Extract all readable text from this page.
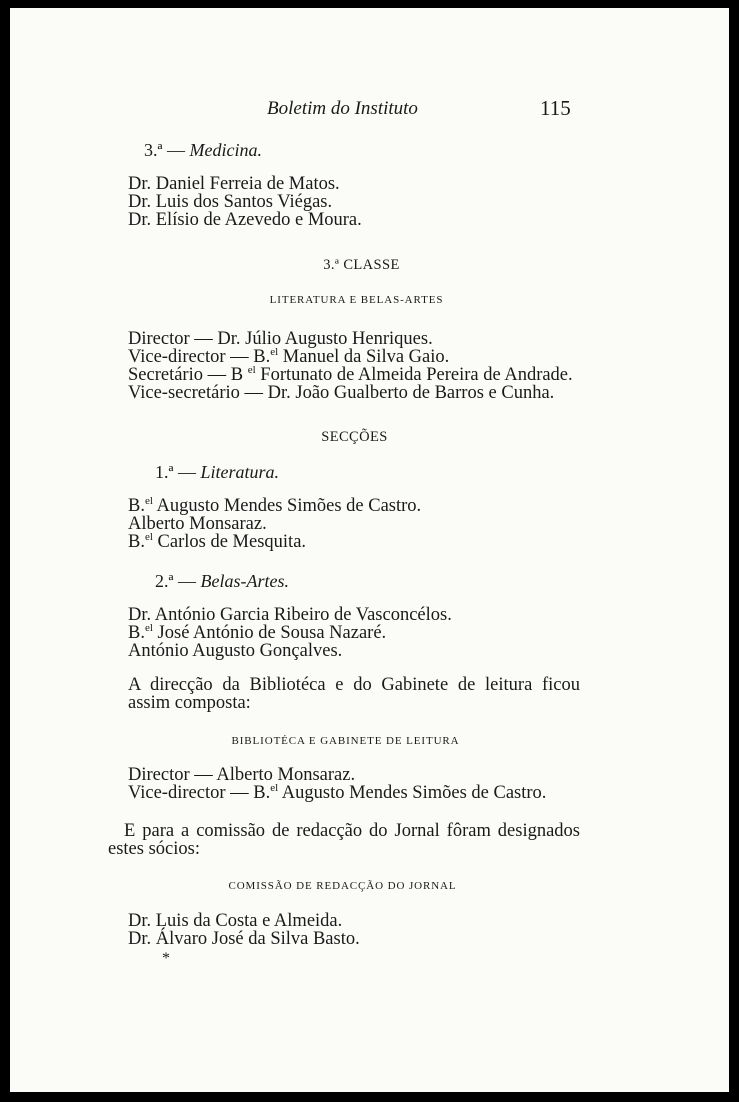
Boletim do Instituto	115
3.ª — Medicina.
Dr. Daniel Ferreia de Matos.
Dr. Luis dos Santos Viégas.
Dr. Elísio de Azevedo e Moura.
3.ª CLASSE
LITERATURA E BELAS-ARTES
Director — Dr. Júlio Augusto Henriques.
Vice-director — B.$^{el}$ Manuel da Silva Gaio.
Secretário — B $^{el}$ Fortunato de Almeida Pereira de Andrade.
Vice-secretário — Dr. João Gualberto de Barros e Cunha.
SECÇÕES
1.ª — Literatura.
B.$^{el}$ Augusto Mendes Simões de Castro.
Alberto Monsaraz.
B.$^{el}$ Carlos de Mesquita.
2.ª — Belas-Artes.
Dr. António Garcia Ribeiro de Vasconcélos.
B.$^{el}$ José António de Sousa Nazaré.
António Augusto Gonçalves.
A direcção da Bibliotéca e do Gabinete de leitura ficou assim composta:
BIBLIOTÉCA E GABINETE DE LEITURA
Director — Alberto Monsaraz.
Vice-director — B.$^{el}$ Augusto Mendes Simões de Castro.
E para a comissão de redacção do Jornal fôram designados estes sócios:
COMISSÃO DE REDACÇÃO DO JORNAL
Dr. Luis da Costa e Almeida.
Dr. Álvaro José da Silva Basto.
*
